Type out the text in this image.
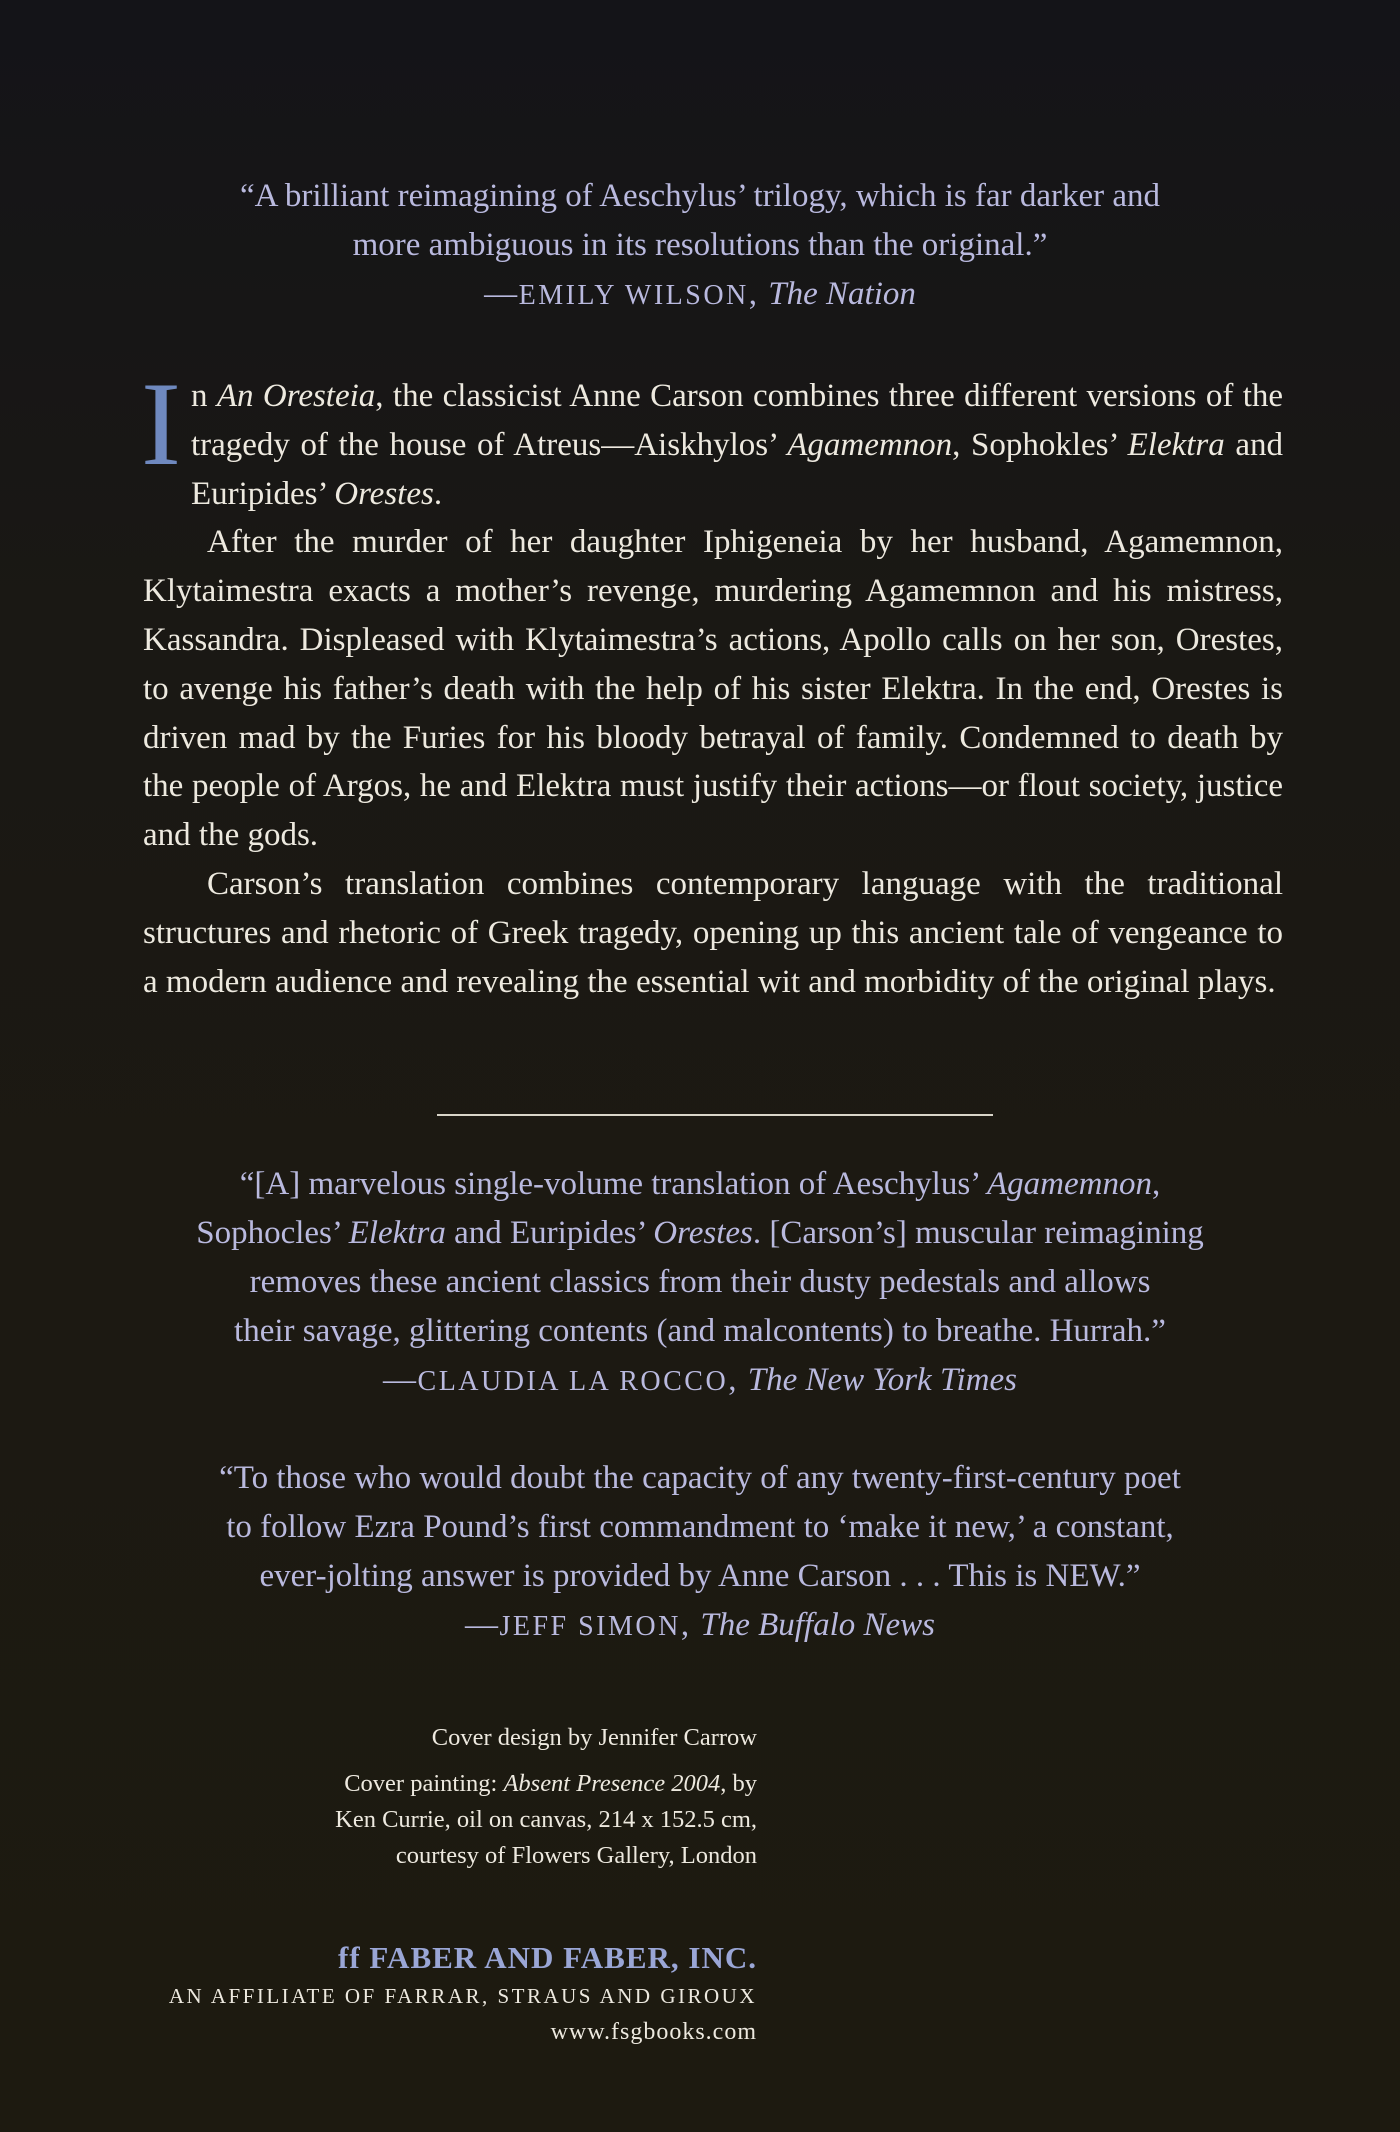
“A brilliant reimagining of Aeschylus’ trilogy, which is far darker and
more ambiguous in its resolutions than the original.”
—EMILY WILSON, The Nation

In An Oresteia, the classicist Anne Carson combines three different versions of the tragedy of the house of Atreus—Aiskhylos’ Agamemnon, Sophokles’ Elektra and Euripides’ Orestes.

After the murder of her daughter Iphigeneia by her husband, Agamemnon, Klytaimestra exacts a mother’s revenge, murdering Agamemnon and his mistress, Kassandra. Displeased with Klytaimestra’s actions, Apollo calls on her son, Orestes, to avenge his father’s death with the help of his sister Elektra. In the end, Orestes is driven mad by the Furies for his bloody betrayal of family. Condemned to death by the people of Argos, he and Elektra must justify their actions—or flout society, justice and the gods.

Carson’s translation combines contemporary language with the traditional structures and rhetoric of Greek tragedy, opening up this ancient tale of vengeance to a modern audience and revealing the essential wit and morbidity of the original plays.

“[A] marvelous single-volume translation of Aeschylus’ Agamemnon,
Sophocles’ Elektra and Euripides’ Orestes. [Carson’s] muscular reimagining
removes these ancient classics from their dusty pedestals and allows
their savage, glittering contents (and malcontents) to breathe. Hurrah.”
—CLAUDIA LA ROCCO, The New York Times
“To those who would doubt the capacity of any twenty-first-century poet
to follow Ezra Pound’s first commandment to ‘make it new,’ a constant,
ever-jolting answer is provided by Anne Carson . . . This is NEW.”
—JEFF SIMON, The Buffalo News
Cover design by Jennifer Carrow
Cover painting: Absent Presence 2004, by
Ken Currie, oil on canvas, 214 x 152.5 cm,
courtesy of Flowers Gallery, London
ff FABER AND FABER, INC.
AN AFFILIATE OF FARRAR, STRAUS AND GIROUX
www.fsgbooks.com
